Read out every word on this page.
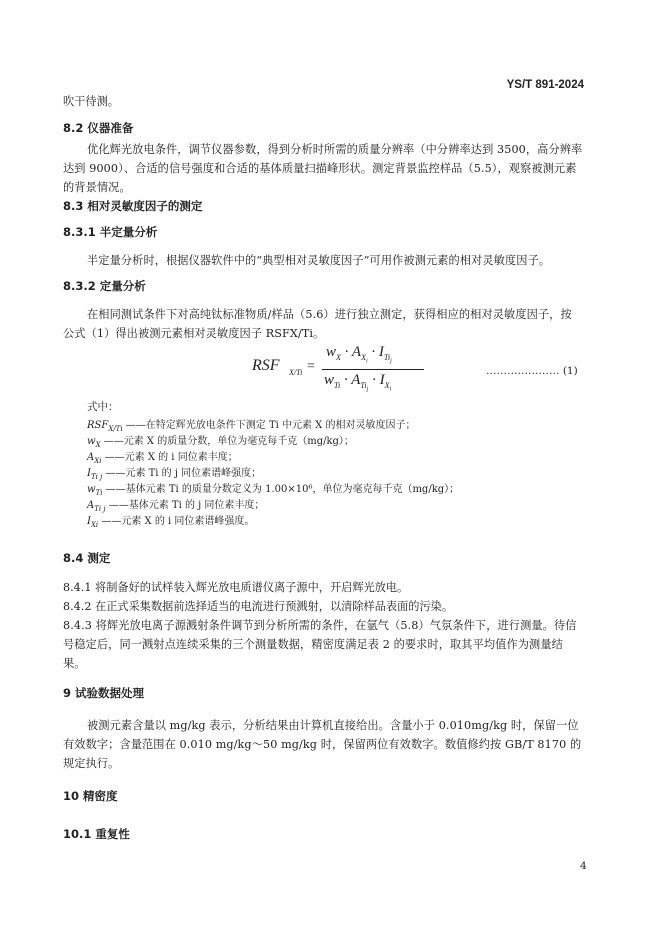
YS/T 891-2024
吹干待测。
8.2 仪器准备
优化辉光放电条件，调节仪器参数，得到分析时所需的质量分辨率（中分辨率达到 3500，高分辨率达到 9000）、合适的信号强度和合适的基体质量扫描峰形状。测定背景监控样品（5.5），观察被测元素的背景情况。
8.3 相对灵敏度因子的测定
8.3.1 半定量分析
半定量分析时，根据仪器软件中的“典型相对灵敏度因子”可用作被测元素的相对灵敏度因子。
8.3.2 定量分析
在相同测试条件下对高纯钛标准物质/样品（5.6）进行独立测定，获得相应的相对灵敏度因子，按公式（1）得出被测元素相对灵敏度因子 RSFX/Ti。
RSF X/Ti =
$w_X \cdot A_{X_i} \cdot I_{Ti_j}$
$w_{Ti} \cdot A_{Ti_j} \cdot I_{X_i}$
………………… (1)
式中：
$RSF_{X/Ti}$ ——在特定辉光放电条件下测定 Ti 中元素 X 的相对灵敏度因子；
$w_X$ ——元素 X 的质量分数，单位为毫克每千克（mg/kg）；
$A_{Xi}$ ——元素 X 的 i 同位素丰度；
$I_{Ti j}$ ——元素 Ti 的 j 同位素谱峰强度；
$w_{Ti}$ ——基体元素 Ti 的质量分数定义为 1.00×10⁶，单位为毫克每千克（mg/kg）；
$A_{Ti j}$ ——基体元素 Ti 的 j 同位素丰度；
$I_{Xi}$ ——元素 X 的 i 同位素谱峰强度。
8.4 测定
8.4.1 将制备好的试样装入辉光放电质谱仪离子源中，开启辉光放电。
8.4.2 在正式采集数据前选择适当的电流进行预溅射，以清除样品表面的污染。
8.4.3 将辉光放电离子源溅射条件调节到分析所需的条件，在氩气（5.8）气氛条件下，进行测量。待信号稳定后，同一溅射点连续采集的三个测量数据，精密度满足表 2 的要求时，取其平均值作为测量结果。
9 试验数据处理
被测元素含量以 mg/kg 表示，分析结果由计算机直接给出。含量小于 0.010mg/kg 时，保留一位有效数字；含量范围在 0.010 mg/kg～50 mg/kg 时，保留两位有效数字。数值修约按 GB/T 8170 的规定执行。
10 精密度
10.1 重复性
4
